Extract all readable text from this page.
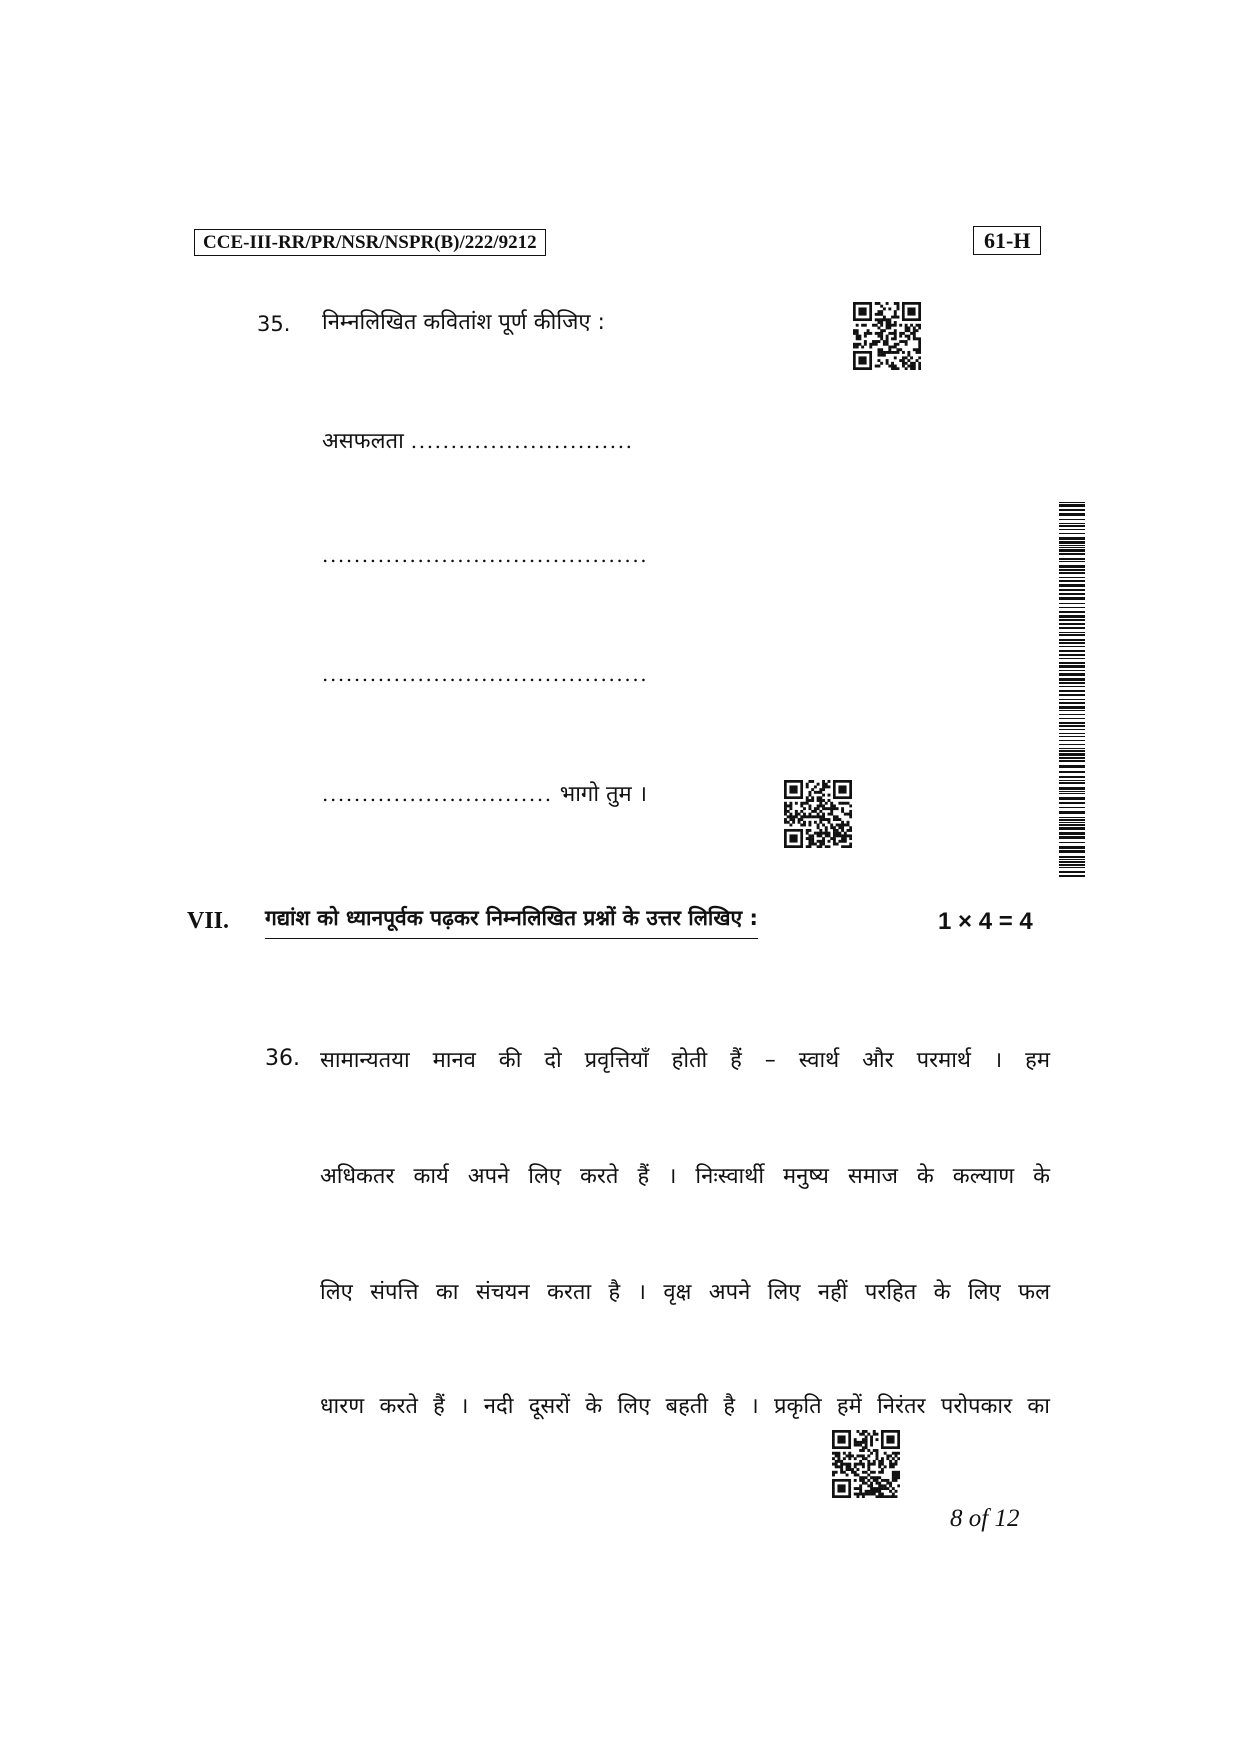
CCE-III-RR/PR/NSR/NSPR(B)/222/9212	61-H
35. निम्नलिखित कवितांश पूर्ण कीजिए :
असफलता ............................
.........................................
.........................................
............................. भागो तुम ।
VII. गद्यांश को ध्यानपूर्वक पढ़कर निम्नलिखित प्रश्नों के उत्तर लिखिए :	1 × 4 = 4
36. सामान्यतया मानव की दो प्रवृत्तियाँ होती हैं – स्वार्थ और परमार्थ । हम
अधिकतर कार्य अपने लिए करते हैं । निःस्वार्थी मनुष्य समाज के कल्याण के
लिए संपत्ति का संचयन करता है । वृक्ष अपने लिए नहीं परहित के लिए फल
धारण करते हैं । नदी दूसरों के लिए बहती है । प्रकृति हमें निरंतर परोपकार का
8 of 12
